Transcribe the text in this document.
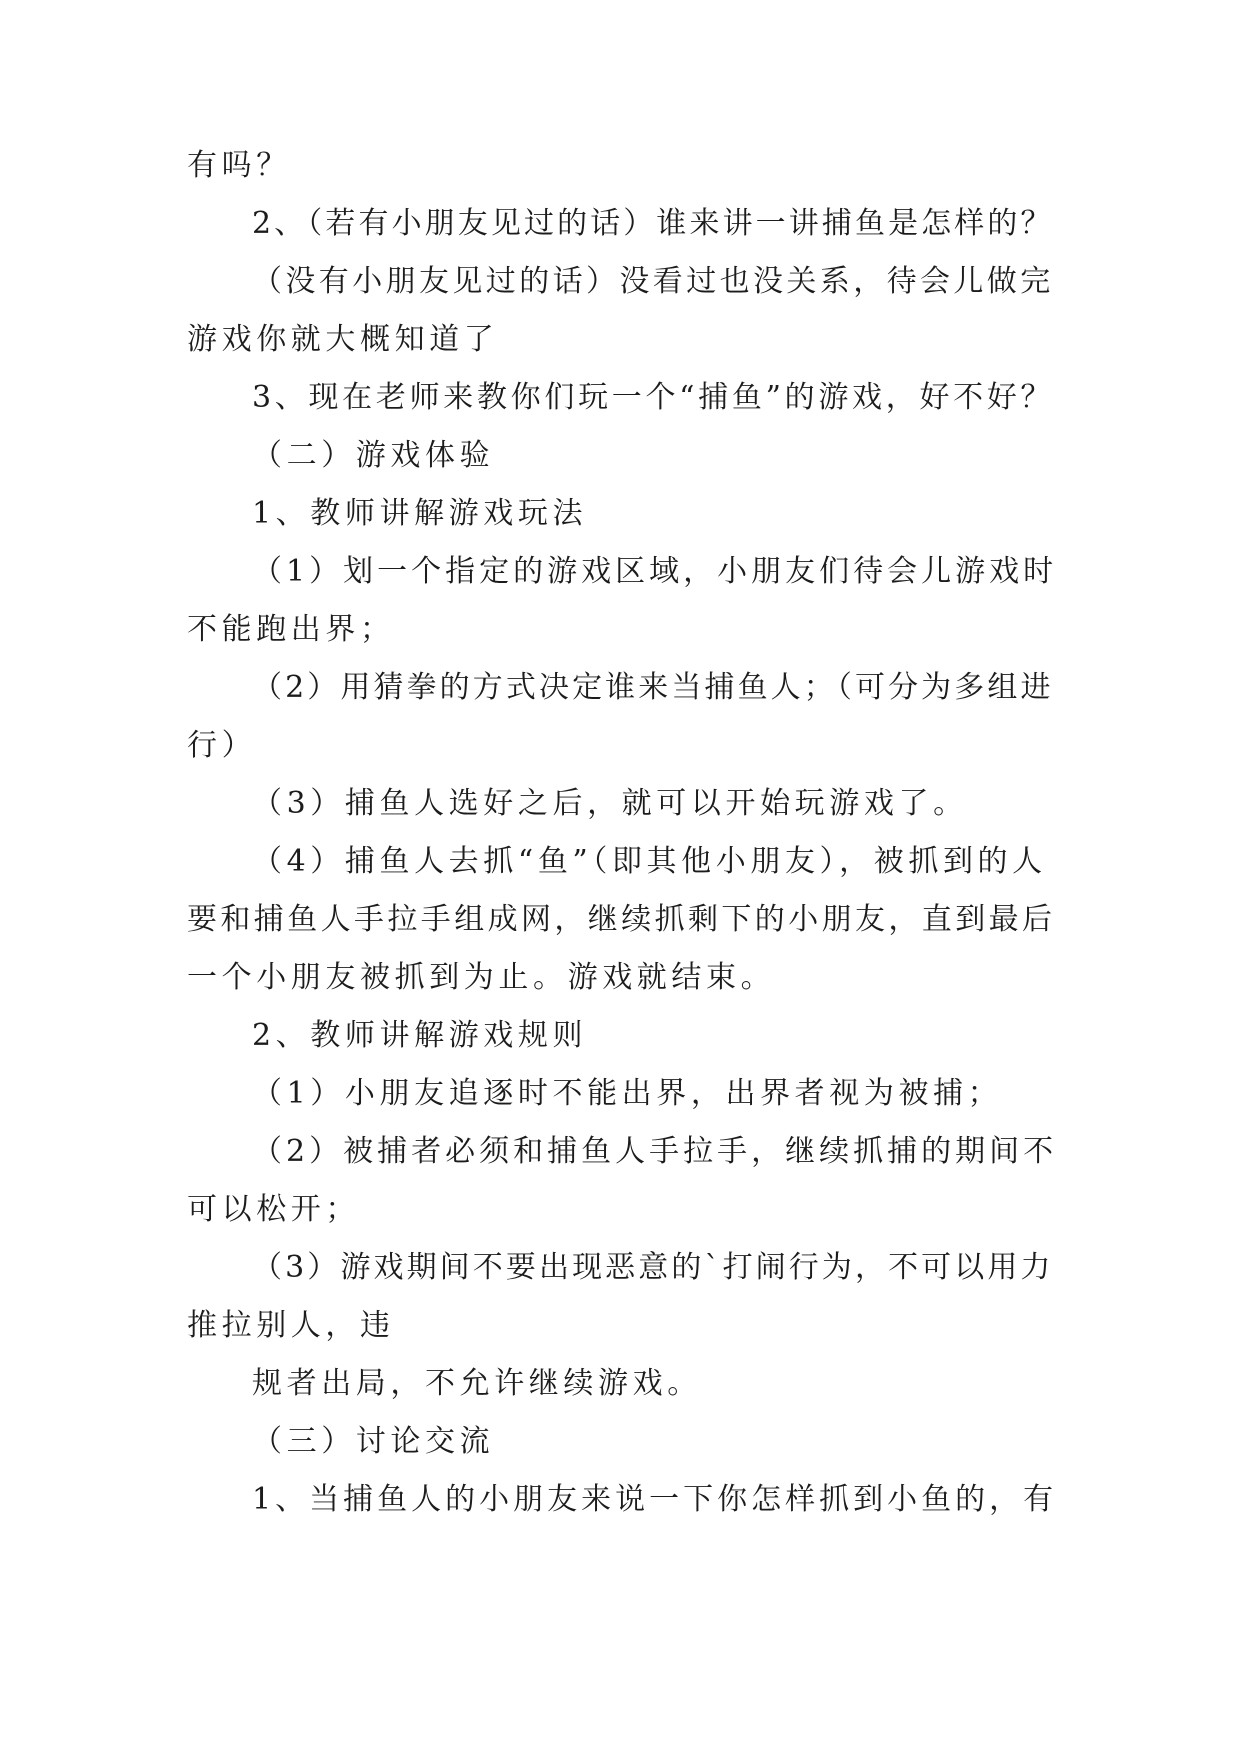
有吗？
2、（若有小朋友见过的话）谁来讲一讲捕鱼是怎样的？
（没有小朋友见过的话）没看过也没关系，待会儿做完
游戏你就大概知道了
3、现在老师来教你们玩一个“捕鱼”的游戏，好不好？
（二）游戏体验
1、教师讲解游戏玩法
（1）划一个指定的游戏区域，小朋友们待会儿游戏时
不能跑出界；
（2）用猜拳的方式决定谁来当捕鱼人；（可分为多组进
行）
（3）捕鱼人选好之后，就可以开始玩游戏了。
（4）捕鱼人去抓“鱼”（即其他小朋友），被抓到的人
要和捕鱼人手拉手组成网，继续抓剩下的小朋友，直到最后
一个小朋友被抓到为止。游戏就结束。
2、教师讲解游戏规则
（1）小朋友追逐时不能出界，出界者视为被捕；
（2）被捕者必须和捕鱼人手拉手，继续抓捕的期间不
可以松开；
（3）游戏期间不要出现恶意的`打闹行为，不可以用力
推拉别人，违
规者出局，不允许继续游戏。
（三）讨论交流
1、当捕鱼人的小朋友来说一下你怎样抓到小鱼的，有
